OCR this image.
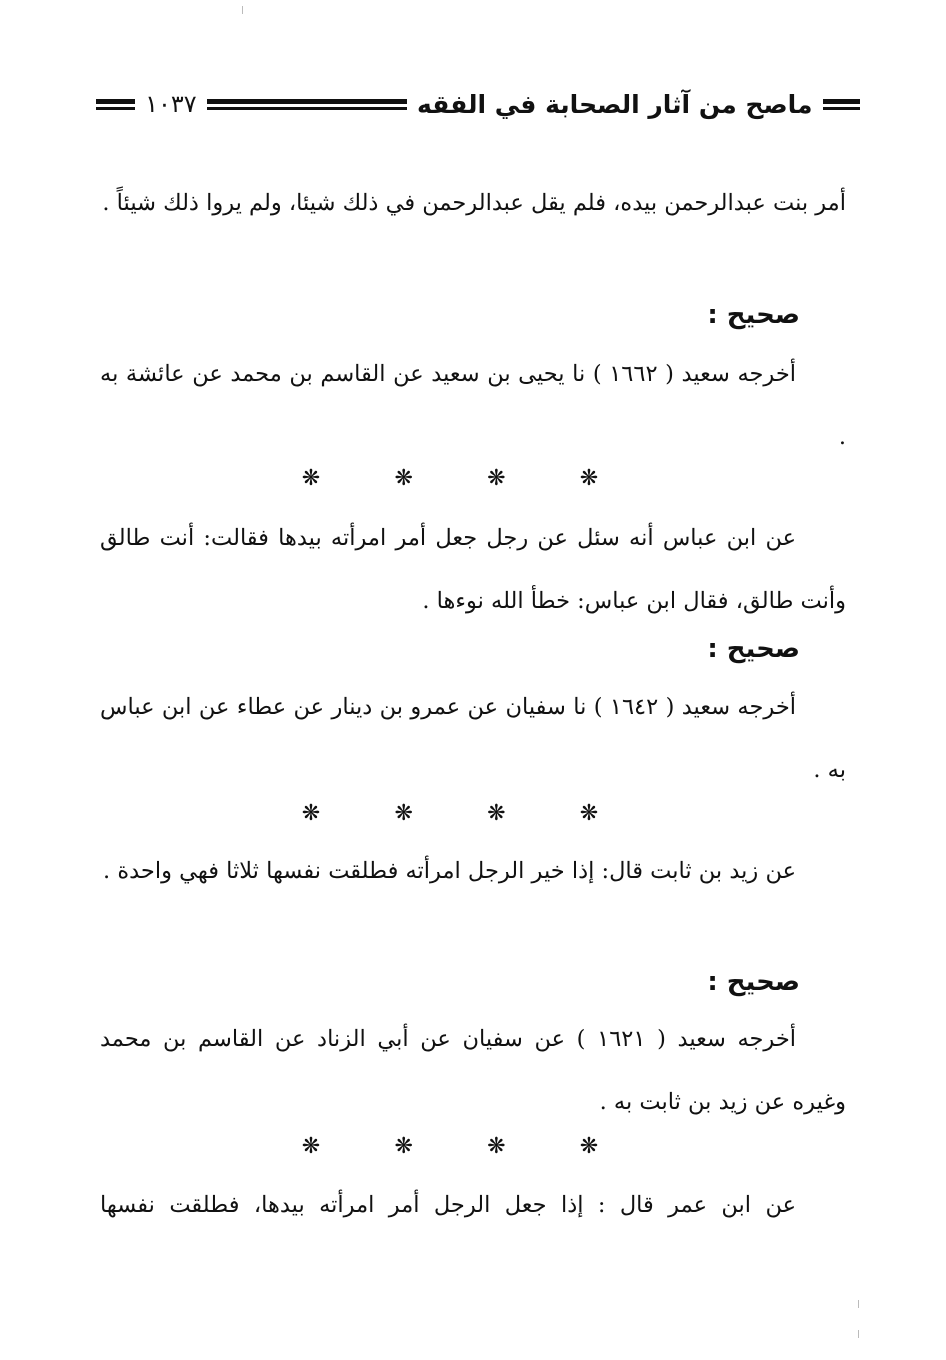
ماصح من آثار الصحابة في الفقه
١٠٣٧
أمر بنت عبدالرحمن بيده، فلم يقل عبدالرحمن في ذلك شيئا، ولم يروا ذلك شيئاً .
صحيح :
أخرجه سعيد ( ١٦٦٢ ) نا يحيى بن سعيد عن القاسم بن محمد عن عائشة به .
❋	❋	❋	❋
عن ابن عباس أنه سئل عن رجل جعل أمر امرأته بيدها فقالت: أنت طالق وأنت طالق، فقال ابن عباس: خطأ الله نوءها .
صحيح :
أخرجه سعيد ( ١٦٤٢ ) نا سفيان عن عمرو بن دينار عن عطاء عن ابن عباس به .
❋	❋	❋	❋
عن زيد بن ثابت قال: إذا خير الرجل امرأته فطلقت نفسها ثلاثا فهي واحدة .
صحيح :
أخرجه سعيد ( ١٦٢١ ) عن سفيان عن أبي الزناد عن القاسم بن محمد وغيره عن زيد بن ثابت به .
❋	❋	❋	❋
عن ابن عمر قال : إذا جعل الرجل أمر امرأته بيدها، فطلقت نفسها
